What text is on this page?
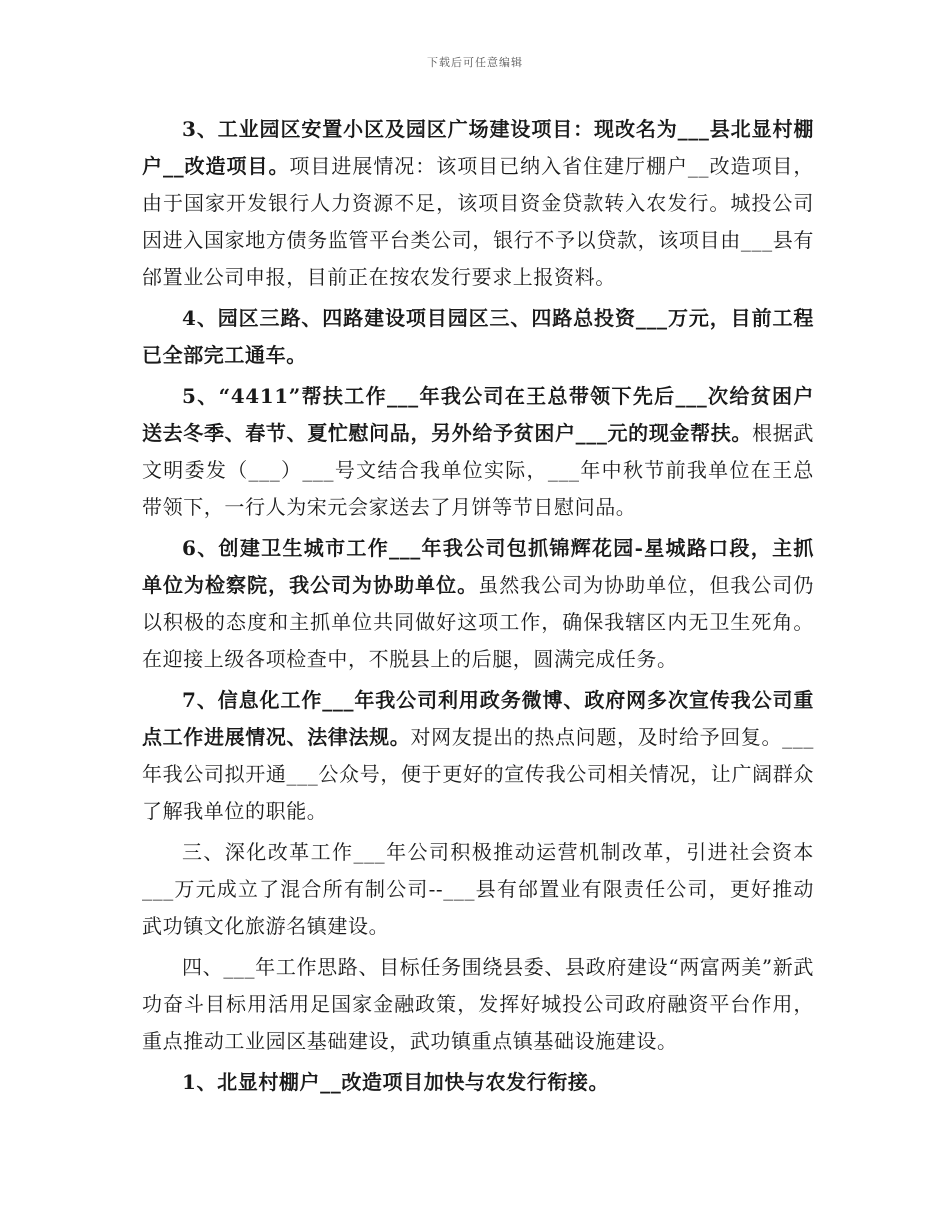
下载后可任意编辑

3、工业园区安置小区及园区广场建设项目：现改名为___县北显村棚户__改造项目。项目进展情况：该项目已纳入省住建厅棚户__改造项目，由于国家开发银行人力资源不足，该项目资金贷款转入农发行。城投公司因进入国家地方债务监管平台类公司，银行不予以贷款，该项目由___县有邰置业公司申报，目前正在按农发行要求上报资料。

4、园区三路、四路建设项目园区三、四路总投资___万元，目前工程已全部完工通车。

5、“4411”帮扶工作___年我公司在王总带领下先后___次给贫困户送去冬季、春节、夏忙慰问品，另外给予贫困户___元的现金帮扶。根据武文明委发（___）___号文结合我单位实际，___年中秋节前我单位在王总带领下，一行人为宋元会家送去了月饼等节日慰问品。

6、创建卫生城市工作___年我公司包抓锦辉花园-星城路口段，主抓单位为检察院，我公司为协助单位。虽然我公司为协助单位，但我公司仍以积极的态度和主抓单位共同做好这项工作，确保我辖区内无卫生死角。在迎接上级各项检查中，不脱县上的后腿，圆满完成任务。

7、信息化工作___年我公司利用政务微博、政府网多次宣传我公司重点工作进展情况、法律法规。对网友提出的热点问题，及时给予回复。___年我公司拟开通___公众号，便于更好的宣传我公司相关情况，让广阔群众了解我单位的职能。

三、深化改革工作___年公司积极推动运营机制改革，引进社会资本___万元成立了混合所有制公司--___县有邰置业有限责任公司，更好推动武功镇文化旅游名镇建设。

四、___年工作思路、目标任务围绕县委、县政府建设“两富两美”新武功奋斗目标用活用足国家金融政策，发挥好城投公司政府融资平台作用，重点推动工业园区基础建设，武功镇重点镇基础设施建设。

1、北显村棚户__改造项目加快与农发行衔接。
